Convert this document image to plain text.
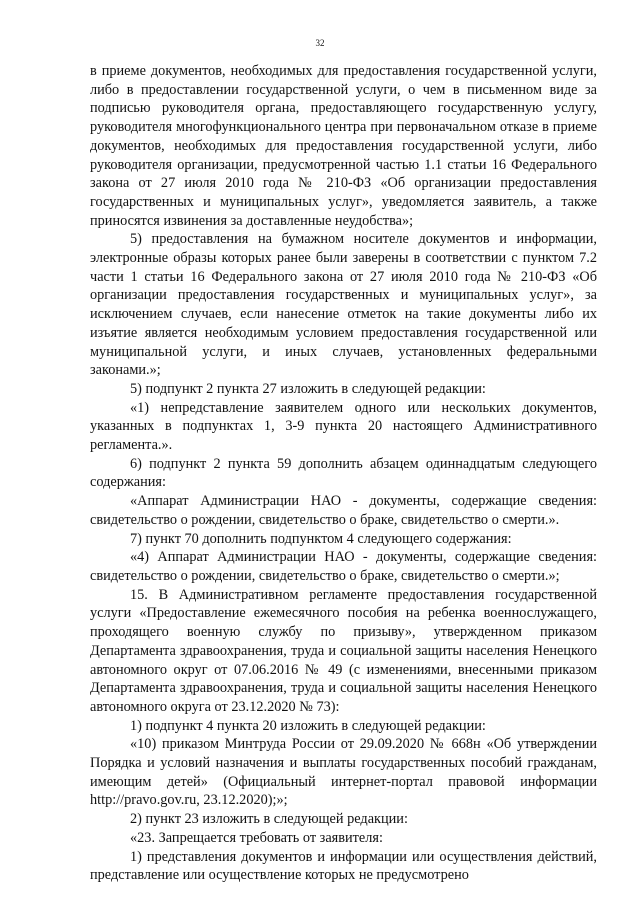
32

в приеме документов, необходимых для предоставления государственной услуги, либо в предоставлении государственной услуги, о чем в письменном виде за подписью руководителя органа, предоставляющего государственную услугу, руководителя многофункционального центра при первоначальном отказе в приеме документов, необходимых для предоставления государственной услуги, либо руководителя организации, предусмотренной частью 1.1 статьи 16 Федерального закона от 27 июля 2010 года № 210-ФЗ «Об организации предоставления государственных и муниципальных услуг», уведомляется заявитель, а также приносятся извинения за доставленные неудобства»;

5) предоставления на бумажном носителе документов и информации, электронные образы которых ранее были заверены в соответствии с пунктом 7.2 части 1 статьи 16 Федерального закона от 27 июля 2010 года № 210-ФЗ «Об организации предоставления государственных и муниципальных услуг», за исключением случаев, если нанесение отметок на такие документы либо их изъятие является необходимым условием предоставления государственной или муниципальной услуги, и иных случаев, установленных федеральными законами.»;

5) подпункт 2 пункта 27 изложить в следующей редакции:

«1) непредставление заявителем одного или нескольких документов, указанных в подпунктах 1, 3-9 пункта 20 настоящего Административного регламента.».

6) подпункт 2 пункта 59 дополнить абзацем одиннадцатым следующего содержания:

«Аппарат Администрации НАО - документы, содержащие сведения: свидетельство о рождении, свидетельство о браке, свидетельство о смерти.».

7) пункт 70 дополнить подпунктом 4 следующего содержания:

«4) Аппарат Администрации НАО - документы, содержащие сведения: свидетельство о рождении, свидетельство о браке, свидетельство о смерти.»;

15. В Административном регламенте предоставления государственной услуги «Предоставление ежемесячного пособия на ребенка военнослужащего, проходящего военную службу по призыву», утвержденном приказом Департамента здравоохранения, труда и социальной защиты населения Ненецкого автономного округ от 07.06.2016 № 49 (с изменениями, внесенными приказом Департамента здравоохранения, труда и социальной защиты населения Ненецкого автономного округа от 23.12.2020 № 73):

1) подпункт 4 пункта 20 изложить в следующей редакции:

«10) приказом Минтруда России от 29.09.2020 № 668н «Об утверждении Порядка и условий назначения и выплаты государственных пособий гражданам, имеющим детей» (Официальный интернет-портал правовой информации http://pravo.gov.ru, 23.12.2020);»;

2) пункт 23 изложить в следующей редакции:

«23. Запрещается требовать от заявителя:

1) представления документов и информации или осуществления действий, представление или осуществление которых не предусмотрено
